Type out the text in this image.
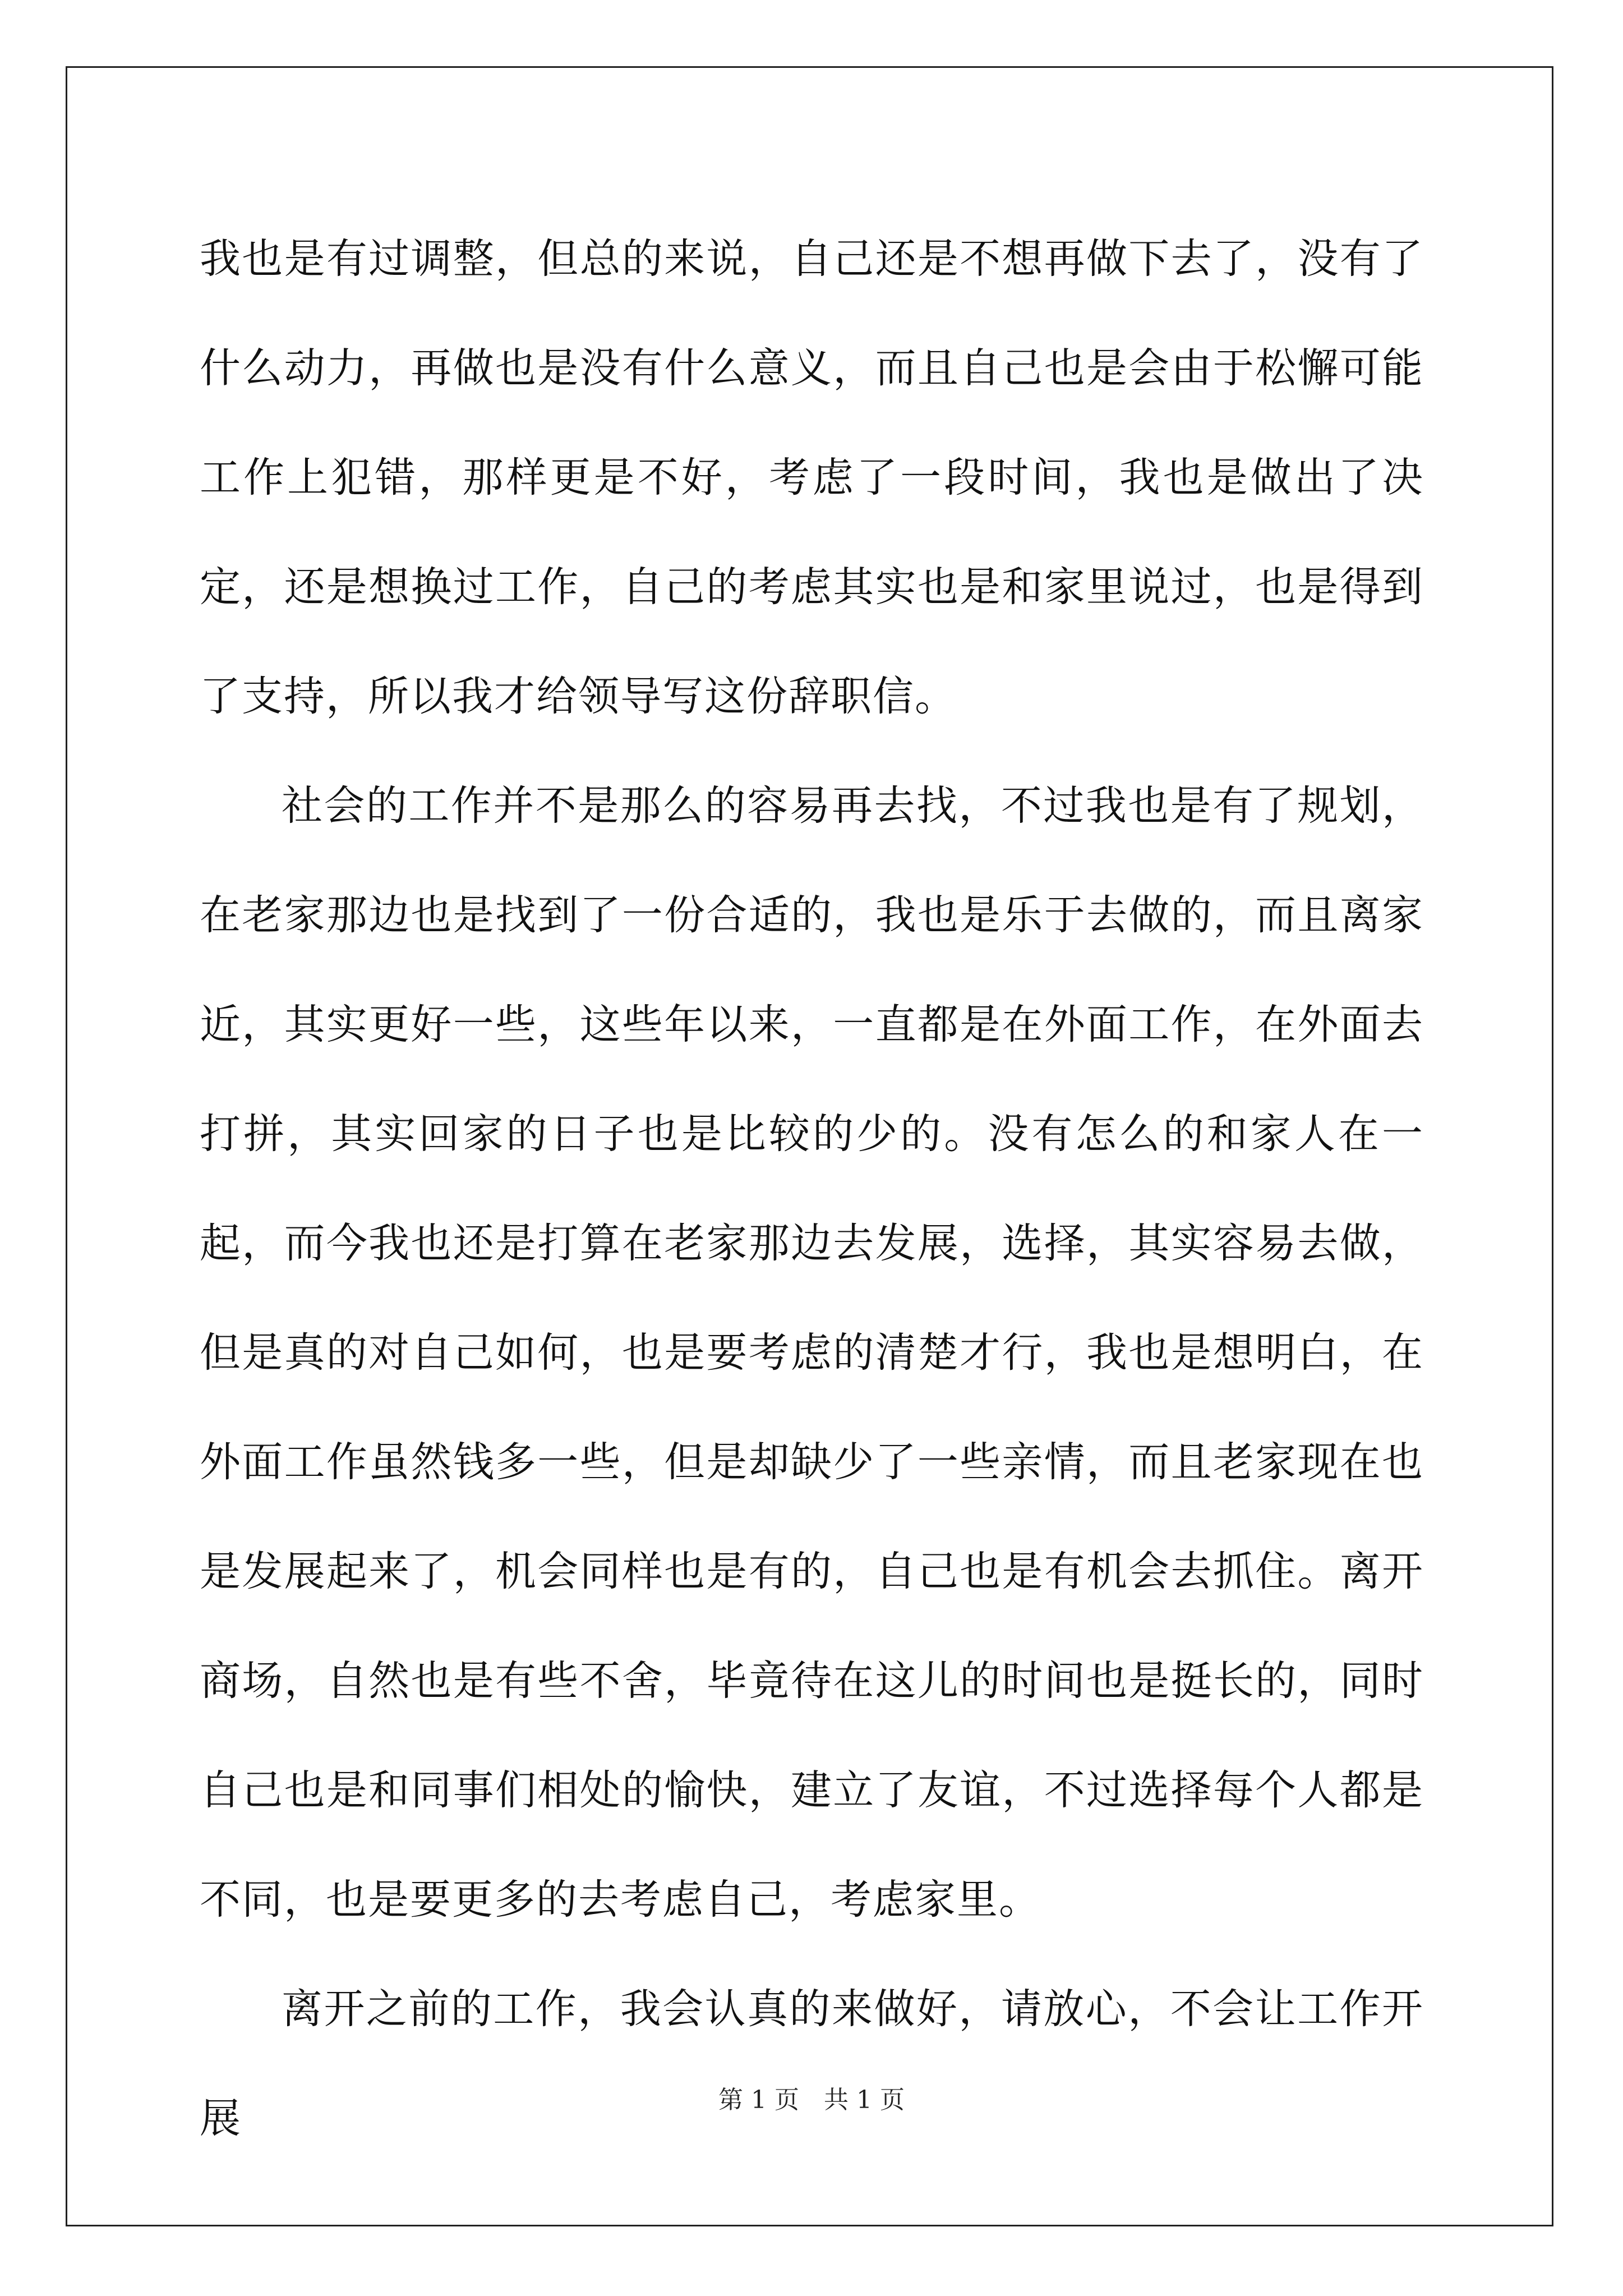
我也是有过调整，但总的来说，自己还是不想再做下去了，没有了什么动力，再做也是没有什么意义，而且自己也是会由于松懈可能工作上犯错，那样更是不好，考虑了一段时间，我也是做出了决定，还是想换过工作，自己的考虑其实也是和家里说过，也是得到了支持，所以我才给领导写这份辞职信。

社会的工作并不是那么的容易再去找，不过我也是有了规划，在老家那边也是找到了一份合适的，我也是乐于去做的，而且离家近，其实更好一些，这些年以来，一直都是在外面工作，在外面去打拼，其实回家的日子也是比较的少的。没有怎么的和家人在一起，而今我也还是打算在老家那边去发展，选择，其实容易去做，但是真的对自己如何，也是要考虑的清楚才行，我也是想明白，在外面工作虽然钱多一些，但是却缺少了一些亲情，而且老家现在也是发展起来了，机会同样也是有的，自己也是有机会去抓住。离开商场，自然也是有些不舍，毕竟待在这儿的时间也是挺长的，同时自己也是和同事们相处的愉快，建立了友谊，不过选择每个人都是不同，也是要更多的去考虑自己，考虑家里。

离开之前的工作，我会认真的来做好，请放心，不会让工作开展	第 1 页　共 1 页
